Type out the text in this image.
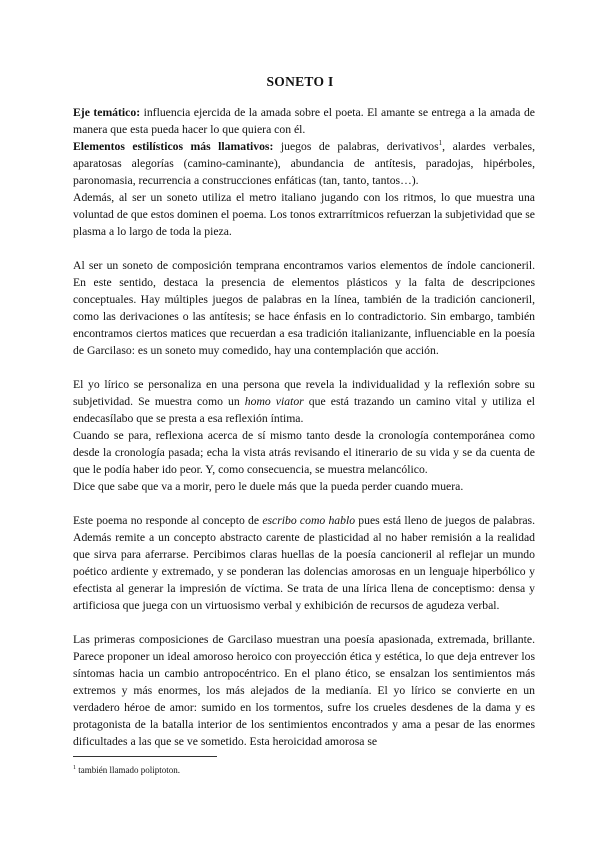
SONETO I

Eje temático: influencia ejercida de la amada sobre el poeta. El amante se entrega a la amada de manera que esta pueda hacer lo que quiera con él.

Elementos estilísticos más llamativos: juegos de palabras, derivativos$^1$, alardes verbales, aparatosas alegorías (camino-caminante), abundancia de antítesis, paradojas, hipérboles, paronomasia, recurrencia a construcciones enfáticas (tan, tanto, tantos…).

Además, al ser un soneto utiliza el metro italiano jugando con los ritmos, lo que muestra una voluntad de que estos dominen el poema. Los tonos extrarrítmicos refuerzan la subjetividad que se plasma a lo largo de toda la pieza.

Al ser un soneto de composición temprana encontramos varios elementos de índole cancioneril. En este sentido, destaca la presencia de elementos plásticos y la falta de descripciones conceptuales. Hay múltiples juegos de palabras en la línea, también de la tradición cancioneril, como las derivaciones o las antítesis; se hace énfasis en lo contradictorio. Sin embargo, también encontramos ciertos matices que recuerdan a esa tradición italianizante, influenciable en la poesía de Garcilaso: es un soneto muy comedido, hay una contemplación que acción.

El yo lírico se personaliza en una persona que revela la individualidad y la reflexión sobre su subjetividad. Se muestra como un homo viator que está trazando un camino vital y utiliza el endecasílabo que se presta a esa reflexión íntima.

Cuando se para, reflexiona acerca de sí mismo tanto desde la cronología contemporánea como desde la cronología pasada; echa la vista atrás revisando el itinerario de su vida y se da cuenta de que le podía haber ido peor. Y, como consecuencia, se muestra melancólico.

Dice que sabe que va a morir, pero le duele más que la pueda perder cuando muera.

Este poema no responde al concepto de escribo como hablo pues está lleno de juegos de palabras. Además remite a un concepto abstracto carente de plasticidad al no haber remisión a la realidad que sirva para aferrarse. Percibimos claras huellas de la poesía cancioneril al reflejar un mundo poético ardiente y extremado, y se ponderan las dolencias amorosas en un lenguaje hiperbólico y efectista al generar la impresión de víctima. Se trata de una lírica llena de conceptismo: densa y artificiosa que juega con un virtuosismo verbal y exhibición de recursos de agudeza verbal.

Las primeras composiciones de Garcilaso muestran una poesía apasionada, extremada, brillante. Parece proponer un ideal amoroso heroico con proyección ética y estética, lo que deja entrever los síntomas hacia un cambio antropocéntrico. En el plano ético, se ensalzan los sentimientos más extremos y más enormes, los más alejados de la medianía. El yo lírico se convierte en un verdadero héroe de amor: sumido en los tormentos, sufre los crueles desdenes de la dama y es protagonista de la batalla interior de los sentimientos encontrados y ama a pesar de las enormes dificultades a las que se ve sometido. Esta heroicidad amorosa se

$^1$ también llamado poliptoton.
